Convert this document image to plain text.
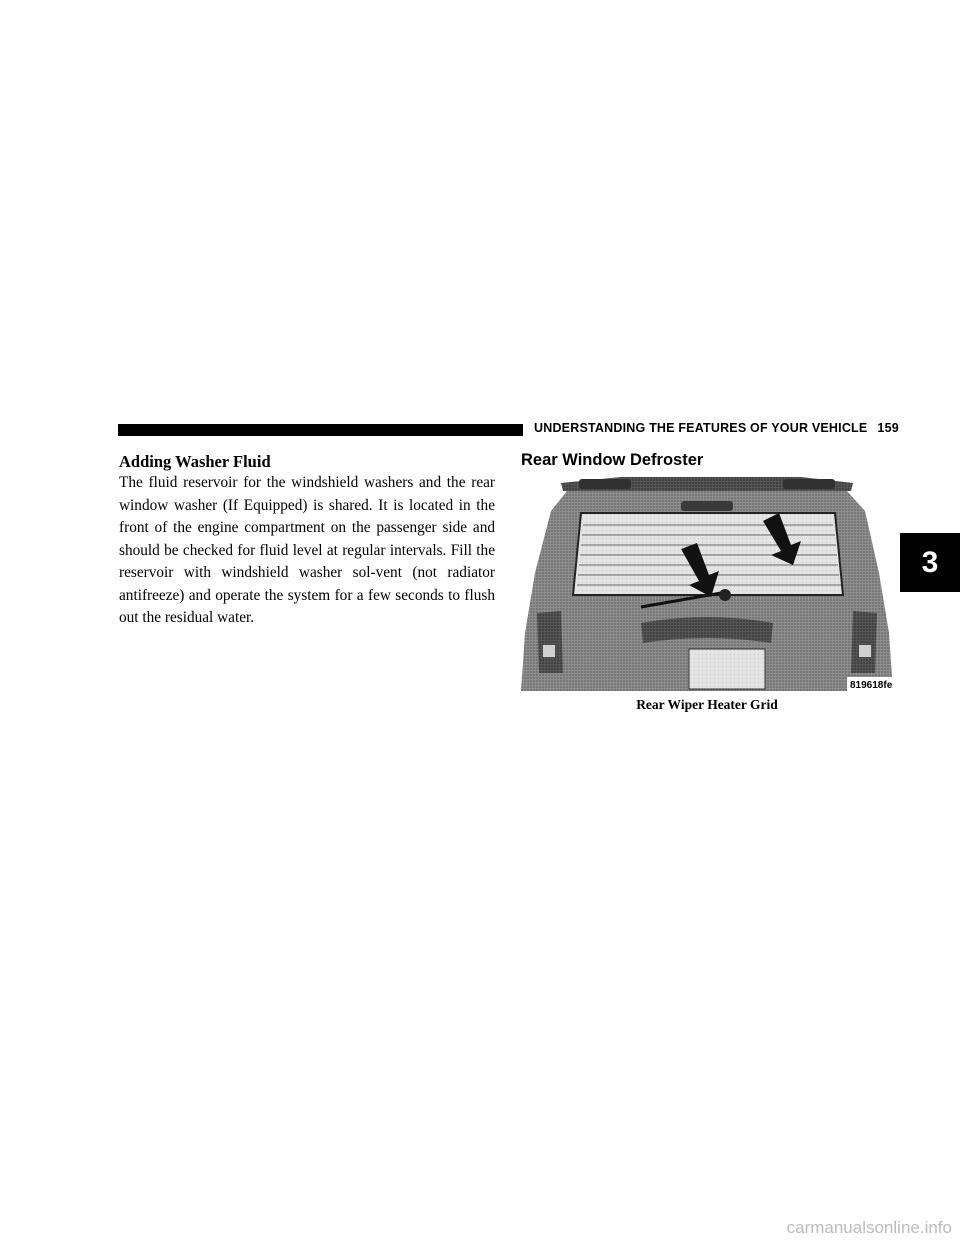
UNDERSTANDING THE FEATURES OF YOUR VEHICLE 159
3
Adding Washer Fluid

The fluid reservoir for the windshield washers and the rear window washer (If Equipped) is shared. It is located in the front of the engine compartment on the passenger side and should be checked for fluid level at regular intervals. Fill the reservoir with windshield washer sol-vent (not radiator antifreeze) and operate the system for a few seconds to flush out the residual water.

Rear Window Defroster
819618fe
Rear Wiper Heater Grid
carmanualsonline.info
